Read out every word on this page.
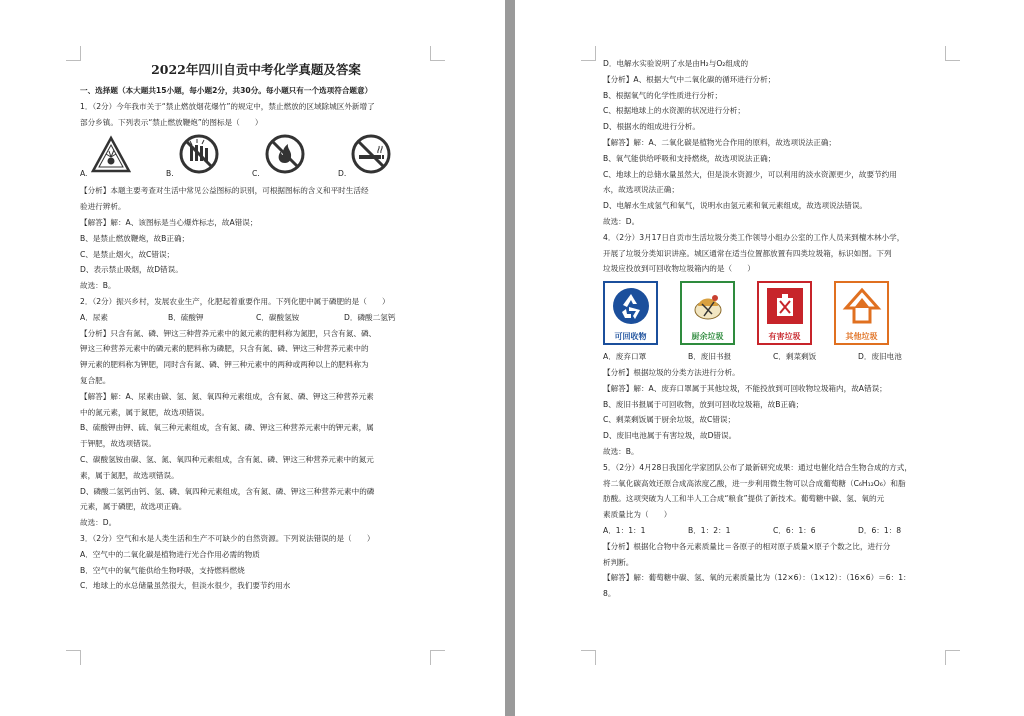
2022年四川自贡中考化学真题及答案

一、选择题（本大题共15小题，每小题2分，共30分。每小题只有一个选项符合题意）

1．（2分）今年我市关于“禁止燃放烟花爆竹”的规定中，禁止燃放的区域除城区外新增了

部分乡镇。下列表示“禁止燃放鞭炮”的图标是（　　）

A.	B.	C.	D.

【分析】本题主要考查对生活中常见公益图标的识别，可根据图标的含义和平时生活经

验进行辨析。

【解答】解：A、该图标是当心爆炸标志，故A错误；

B、是禁止燃放鞭炮，故B正确；

C、是禁止烟火，故C错误；

D、表示禁止吸烟，故D错误。

故选：B。

2．（2分）振兴乡村，发展农业生产，化肥起着重要作用。下列化肥中属于磷肥的是（　　）

A．尿素	B．硫酸钾	C．碳酸氢铵	D．磷酸二氢钙

【分析】只含有氮、磷、钾这三种营养元素中的氮元素的肥料称为氮肥，只含有氮、磷、

钾这三种营养元素中的磷元素的肥料称为磷肥，只含有氮、磷、钾这三种营养元素中的

钾元素的肥料称为钾肥，同时含有氮、磷、钾三种元素中的两种或两种以上的肥料称为

复合肥。

【解答】解：A、尿素由碳、氢、氮、氧四种元素组成，含有氮、磷、钾这三种营养元素

中的氮元素，属于氮肥，故选项错误。

B、硫酸钾由钾、硫、氧三种元素组成，含有氮、磷、钾这三种营养元素中的钾元素，属

于钾肥，故选项错误。

C、碳酸氢铵由碳、氢、氮、氧四种元素组成，含有氮、磷、钾这三种营养元素中的氮元

素，属于氮肥，故选项错误。

D、磷酸二氢钙由钙、氢、磷、氧四种元素组成，含有氮、磷、钾这三种营养元素中的磷

元素，属于磷肥，故选项正确。

故选：D。

3．（2分）空气和水是人类生活和生产不可缺少的自然资源。下列说法错误的是（　　）

A．空气中的二氧化碳是植物进行光合作用必需的物质

B．空气中的氧气能供给生物呼吸，支持燃料燃烧

C．地球上的水总储量虽然很大，但淡水很少，我们要节约用水

D．电解水实验说明了水是由H₂与O₂组成的

【分析】A、根据大气中二氧化碳的循环进行分析；

B、根据氧气的化学性质进行分析；

C、根据地球上的水资源的状况进行分析；

D、根据水的组成进行分析。

【解答】解：A、二氧化碳是植物光合作用的原料，故选项说法正确；

B、氧气能供给呼吸和支持燃烧，故选项说法正确；

C、地球上的总储水量虽然大，但是淡水资源少，可以利用的淡水资源更少，故要节约用

水，故选项说法正确；

D、电解水生成氢气和氧气，说明水由氢元素和氧元素组成，故选项说法错误。

故选：D。

4．（2分）3月17日自贡市生活垃圾分类工作领导小组办公室的工作人员来到檀木林小学，

开展了垃圾分类知识讲座。城区通常在适当位置都放置有四类垃圾箱，标识如图。下列

垃圾应投放到可回收物垃圾箱内的是（　　）

可回收物	厨余垃圾	有害垃圾	其他垃圾
A．废弃口罩	B．废旧书报	C．剩菜剩饭	D．废旧电池

【分析】根据垃圾的分类方法进行分析。

【解答】解：A、废弃口罩属于其他垃圾，不能投放到可回收物垃圾箱内，故A错误；

B、废旧书报属于可回收物，放到可回收垃圾箱，故B正确；

C、剩菜剩饭属于厨余垃圾，故C错误；

D、废旧电池属于有害垃圾，故D错误。

故选：B。

5．（2分）4月28日我国化学家团队公布了最新研究成果：通过电催化结合生物合成的方式，

将二氧化碳高效还原合成高浓度乙酸，进一步利用微生物可以合成葡萄糖（C₆H₁₂O₆）和脂

肪酸。这项突破为人工和半人工合成“粮食”提供了新技术。葡萄糖中碳、氢、氧的元

素质量比为（　　）

A．1：1：1	B．1：2：1	C．6：1：6	D．6：1：8

【分析】根据化合物中各元素质量比＝各原子的相对原子质量×原子个数之比，进行分

析判断。

【解答】解：葡萄糖中碳、氢、氧的元素质量比为（12×6）：（1×12）：（16×6）＝6：1：

8。
